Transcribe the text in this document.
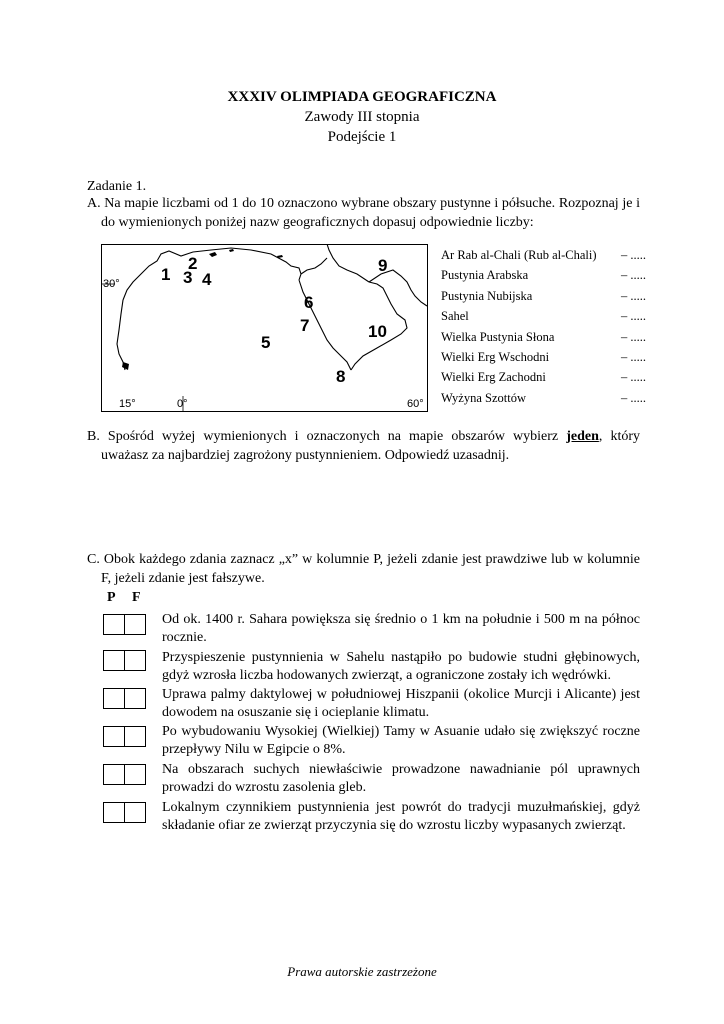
XXXIV OLIMPIADA GEOGRAFICZNA
Zawody III stopnia
Podejście 1
Zadanie 1.
A. Na mapie liczbami od 1 do 10 oznaczono wybrane obszary pustynne i półsuche. Rozpoznaj je i do wymienionych poniżej nazw geograficznych dopasuj odpowiednie liczby:
30°
15°	0°	60°
1
2
3 4
5
6
7
8
9
10
Ar Rab al-Chali (Rub al-Chali) – .....
Pustynia Arabska	– .....
Pustynia Nubijska	– .....
Sahel	– .....
Wielka Pustynia Słona	– .....
Wielki Erg Wschodni	– .....
Wielki Erg Zachodni	– .....
Wyżyna Szottów	– .....
B. Spośród wyżej wymienionych i oznaczonych na mapie obszarów wybierz jeden, który uważasz za najbardziej zagrożony pustynnieniem. Odpowiedź uzasadnij.
C. Obok każdego zdania zaznacz „x” w kolumnie P, jeżeli zdanie jest prawdziwe lub w kolumnie F, jeżeli zdanie jest fałszywe.
P F
Od ok. 1400 r. Sahara powiększa się średnio o 1 km na południe i 500 m na północ rocznie.
Przyspieszenie pustynnienia w Sahelu nastąpiło po budowie studni głębinowych, gdyż wzrosła liczba hodowanych zwierząt, a ograniczone zostały ich wędrówki.
Uprawa palmy daktylowej w południowej Hiszpanii (okolice Murcji i Alicante) jest dowodem na osuszanie się i ocieplanie klimatu.
Po wybudowaniu Wysokiej (Wielkiej) Tamy w Asuanie udało się zwiększyć roczne przepływy Nilu w Egipcie o 8%.
Na obszarach suchych niewłaściwie prowadzone nawadnianie pól uprawnych prowadzi do wzrostu zasolenia gleb.
Lokalnym czynnikiem pustynnienia jest powrót do tradycji muzułmańskiej, gdyż składanie ofiar ze zwierząt przyczynia się do wzrostu liczby wypasanych zwierząt.
Prawa autorskie zastrzeżone
